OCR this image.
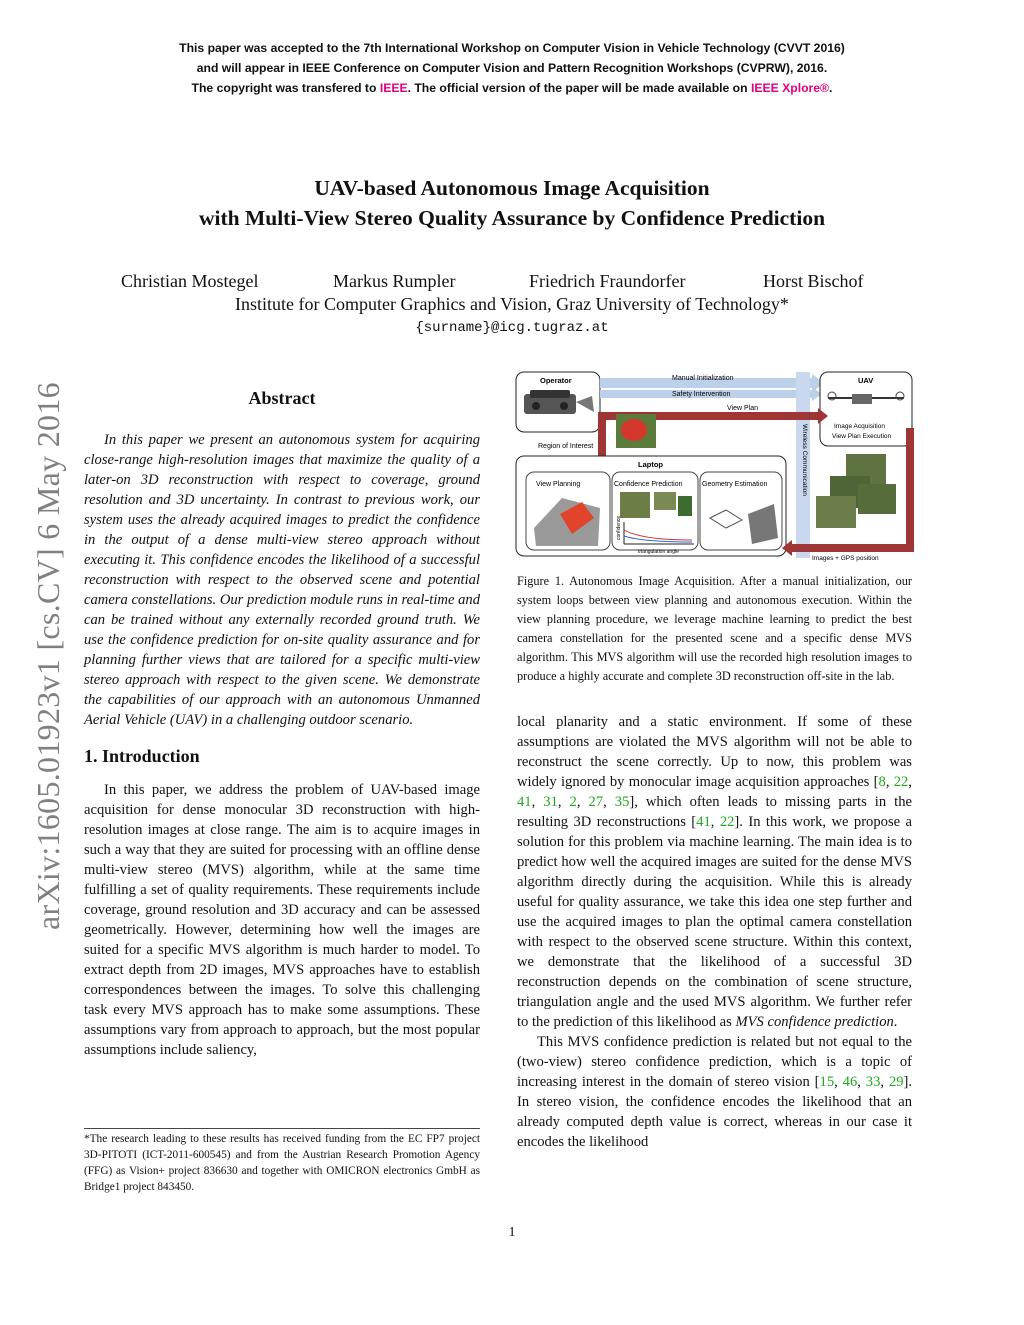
This paper was accepted to the 7th International Workshop on Computer Vision in Vehicle Technology (CVVT 2016)
and will appear in IEEE Conference on Computer Vision and Pattern Recognition Workshops (CVPRW), 2016.
The copyright was transfered to IEEE. The official version of the paper will be made available on IEEE Xplore®.
arXiv:1605.01923v1 [cs.CV] 6 May 2016
UAV-based Autonomous Image Acquisition
with Multi-View Stereo Quality Assurance by Confidence Prediction
Christian Mostegel	Markus Rumpler	Friedrich Fraundorfer	Horst Bischof
Institute for Computer Graphics and Vision, Graz University of Technology*
{surname}@icg.tugraz.at
Abstract

In this paper we present an autonomous system for acquiring close-range high-resolution images that maximize the quality of a later-on 3D reconstruction with respect to coverage, ground resolution and 3D uncertainty. In contrast to previous work, our system uses the already acquired images to predict the confidence in the output of a dense multi-view stereo approach without executing it. This confidence encodes the likelihood of a successful reconstruction with respect to the observed scene and potential camera constellations. Our prediction module runs in real-time and can be trained without any externally recorded ground truth. We use the confidence prediction for on-site quality assurance and for planning further views that are tailored for a specific multi-view stereo approach with respect to the given scene. We demonstrate the capabilities of our approach with an autonomous Unmanned Aerial Vehicle (UAV) in a challenging outdoor scenario.

1. Introduction

In this paper, we address the problem of UAV-based image acquisition for dense monocular 3D reconstruction with high-resolution images at close range. The aim is to acquire images in such a way that they are suited for processing with an offline dense multi-view stereo (MVS) algorithm, while at the same time fulfilling a set of quality requirements. These requirements include coverage, ground resolution and 3D accuracy and can be assessed geometrically. However, determining how well the images are suited for a specific MVS algorithm is much harder to model. To extract depth from 2D images, MVS approaches have to establish correspondences between the images. To solve this challenging task every MVS approach has to make some assumptions. These assumptions vary from approach to approach, but the most popular assumptions include saliency,

*The research leading to these results has received funding from the EC FP7 project 3D-PITOTI (ICT-2011-600545) and from the Austrian Research Promotion Agency (FFG) as Vision+ project 836630 and together with OMICRON electronics GmbH as Bridge1 project 843450.
Operator	Manual Initialization
Safety Intervention
Wireless Communication
UAV
Image Acquisition
View Plan Execution
View Plan
Region of Interest
Laptop
View Planning	Confidence Prediction
confidence
triangulation angle
Geometry Estimation
Images + GPS position
Figure 1. Autonomous Image Acquisition. After a manual initialization, our system loops between view planning and autonomous execution. Within the view planning procedure, we leverage machine learning to predict the best camera constellation for the presented scene and a specific dense MVS algorithm. This MVS algorithm will use the recorded high resolution images to produce a highly accurate and complete 3D reconstruction off-site in the lab.

local planarity and a static environment. If some of these assumptions are violated the MVS algorithm will not be able to reconstruct the scene correctly. Up to now, this problem was widely ignored by monocular image acquisition approaches [8, 22, 41, 31, 2, 27, 35], which often leads to missing parts in the resulting 3D reconstructions [41, 22]. In this work, we propose a solution for this problem via machine learning. The main idea is to predict how well the acquired images are suited for the dense MVS algorithm directly during the acquisition. While this is already useful for quality assurance, we take this idea one step further and use the acquired images to plan the optimal camera constellation with respect to the observed scene structure. Within this context, we demonstrate that the likelihood of a successful 3D reconstruction depends on the combination of scene structure, triangulation angle and the used MVS algorithm. We further refer to the prediction of this likelihood as MVS confidence prediction.

This MVS confidence prediction is related but not equal to the (two-view) stereo confidence prediction, which is a topic of increasing interest in the domain of stereo vision [15, 46, 33, 29]. In stereo vision, the confidence encodes the likelihood that an already computed depth value is correct, whereas in our case it encodes the likelihood

1
